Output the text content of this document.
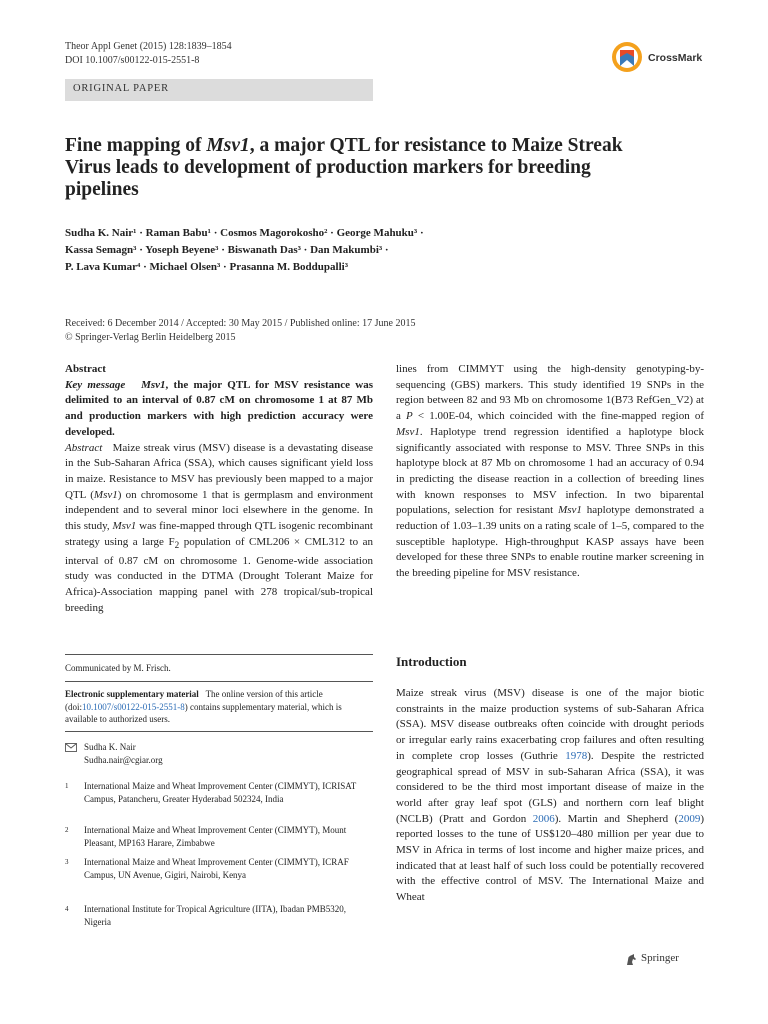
Theor Appl Genet (2015) 128:1839–1854
DOI 10.1007/s00122-015-2551-8	CrossMark
ORIGINAL PAPER
Fine mapping of Msv1, a major QTL for resistance to Maize Streak Virus leads to development of production markers for breeding pipelines
Sudha K. Nair¹ · Raman Babu¹ · Cosmos Magorokosho² · George Mahuku³ ·
Kassa Semagn³ · Yoseph Beyene³ · Biswanath Das³ · Dan Makumbi³ ·
P. Lava Kumar⁴ · Michael Olsen³ · Prasanna M. Boddupalli³
Received: 6 December 2014 / Accepted: 30 May 2015 / Published online: 17 June 2015
© Springer-Verlag Berlin Heidelberg 2015

Abstract

Key message Msv1, the major QTL for MSV resistance was delimited to an interval of 0.87 cM on chromosome 1 at 87 Mb and production markers with high prediction accuracy were developed.

Abstract Maize streak virus (MSV) disease is a devastating disease in the Sub-Saharan Africa (SSA), which causes significant yield loss in maize. Resistance to MSV has previously been mapped to a major QTL (Msv1) on chromosome 1 that is germplasm and environment independent and to several minor loci elsewhere in the genome. In this study, Msv1 was fine-mapped through QTL isogenic recombinant strategy using a large $F_2$ population of CML206 × CML312 to an interval of 0.87 cM on chromosome 1. Genome-wide association study was conducted in the DTMA (Drought Tolerant Maize for Africa)-Association mapping panel with 278 tropical/sub-tropical breeding

lines from CIMMYT using the high-density genotyping-by-sequencing (GBS) markers. This study identified 19 SNPs in the region between 82 and 93 Mb on chromosome 1(B73 RefGen_V2) at a P < 1.00E-04, which coincided with the fine-mapped region of Msv1. Haplotype trend regression identified a haplotype block significantly associated with response to MSV. Three SNPs in this haplotype block at 87 Mb on chromosome 1 had an accuracy of 0.94 in predicting the disease reaction in a collection of breeding lines with known responses to MSV infection. In two biparental populations, selection for resistant Msv1 haplotype demonstrated a reduction of 1.03–1.39 units on a rating scale of 1–5, compared to the susceptible haplotype. High-throughput KASP assays have been developed for these three SNPs to enable routine marker screening in the breeding pipeline for MSV resistance.

Communicated by M. Frisch.
Electronic supplementary material The online version of this article (doi:10.1007/s00122-015-2551-8) contains supplementary material, which is available to authorized users.
Sudha K. Nair
Sudha.nair@cgiar.org
1 International Maize and Wheat Improvement Center (CIMMYT), ICRISAT Campus, Patancheru, Greater Hyderabad 502324, India
2 International Maize and Wheat Improvement Center (CIMMYT), Mount Pleasant, MP163 Harare, Zimbabwe
3 International Maize and Wheat Improvement Center (CIMMYT), ICRAF Campus, UN Avenue, Gigiri, Nairobi, Kenya
4 International Institute for Tropical Agriculture (IITA), Ibadan PMB5320, Nigeria
Introduction

Maize streak virus (MSV) disease is one of the major biotic constraints in the maize production systems of sub-Saharan Africa (SSA). MSV disease outbreaks often coincide with drought periods or irregular early rains exacerbating crop failures and often resulting in complete crop losses (Guthrie 1978). Despite the restricted geographical spread of MSV in sub-Saharan Africa (SSA), it was considered to be the third most important disease of maize in the world after gray leaf spot (GLS) and northern corn leaf blight (NCLB) (Pratt and Gordon 2006). Martin and Shepherd (2009) reported losses to the tune of US$120–480 million per year due to MSV in Africa in terms of lost income and higher maize prices, and indicated that at least half of such loss could be potentially recovered with the effective control of MSV. The International Maize and Wheat

Springer
